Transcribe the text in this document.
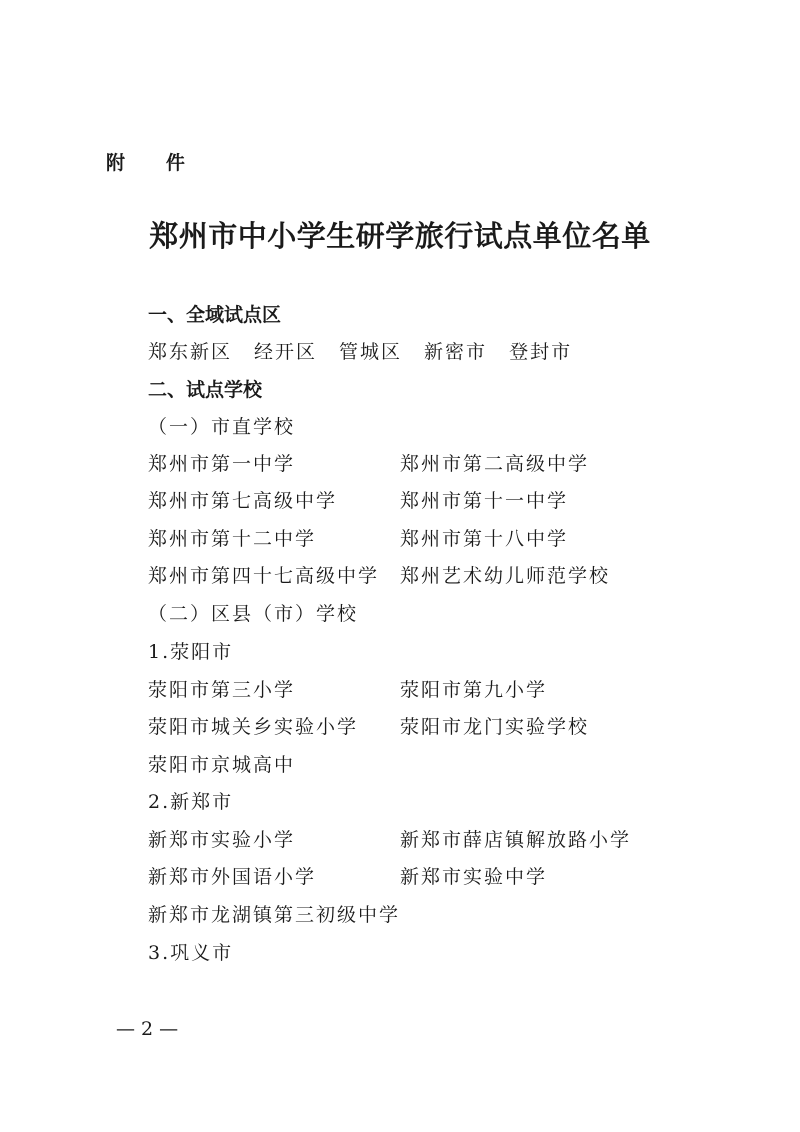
附 件
郑州市中小学生研学旅行试点单位名单
一、全域试点区
郑东新区 经开区 管城区 新密市 登封市
二、试点学校
（一）市直学校
郑州市第一中学	郑州市第二高级中学
郑州市第七高级中学	郑州市第十一中学
郑州市第十二中学	郑州市第十八中学
郑州市第四十七高级中学 郑州艺术幼儿师范学校
（二）区县（市）学校
1.荥阳市
荥阳市第三小学	荥阳市第九小学
荥阳市城关乡实验小学 荥阳市龙门实验学校
荥阳市京城高中
2.新郑市
新郑市实验小学	新郑市薛店镇解放路小学
新郑市外国语小学	新郑市实验中学
新郑市龙湖镇第三初级中学
3.巩义市
— 2 —
